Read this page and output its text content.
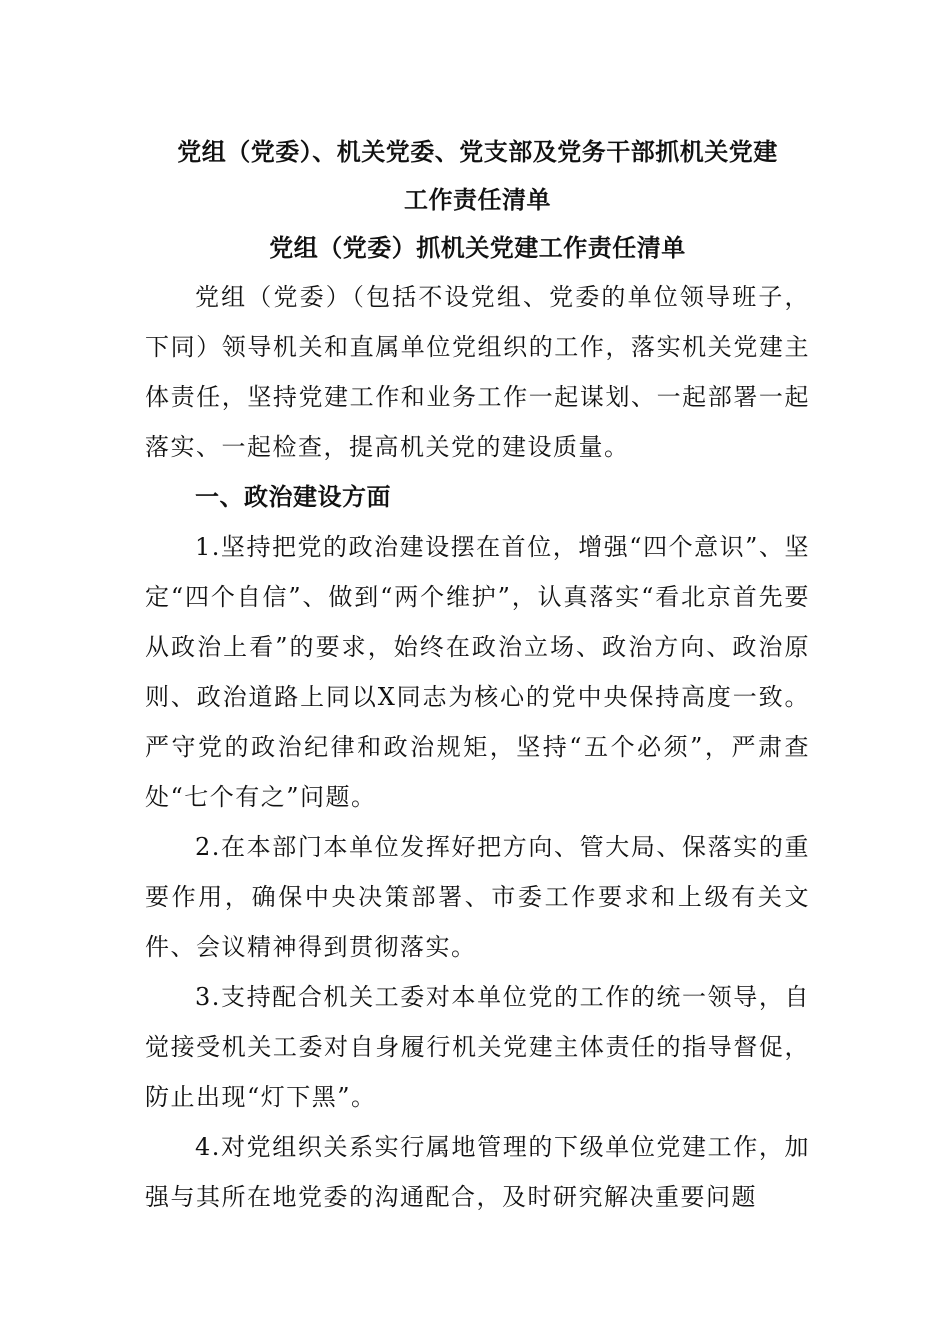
党组（党委）、机关党委、党支部及党务干部抓机关党建
工作责任清单
党组（党委）抓机关党建工作责任清单

党组（党委）（包括不设党组、党委的单位领导班子，下同）领导机关和直属单位党组织的工作，落实机关党建主体责任，坚持党建工作和业务工作一起谋划、一起部署一起落实、一起检查，提高机关党的建设质量。

一、政治建设方面

1.坚持把党的政治建设摆在首位，增强“四个意识”、坚定“四个自信”、做到“两个维护”，认真落实“看北京首先要从政治上看”的要求，始终在政治立场、政治方向、政治原则、政治道路上同以X同志为核心的党中央保持高度一致。严守党的政治纪律和政治规矩，坚持“五个必须”，严肃查处“七个有之”问题。

2.在本部门本单位发挥好把方向、管大局、保落实的重要作用，确保中央决策部署、市委工作要求和上级有关文件、会议精神得到贯彻落实。

3.支持配合机关工委对本单位党的工作的统一领导，自觉接受机关工委对自身履行机关党建主体责任的指导督促，防止出现“灯下黑”。

4.对党组织关系实行属地管理的下级单位党建工作，加强与其所在地党委的沟通配合，及时研究解决重要问题
